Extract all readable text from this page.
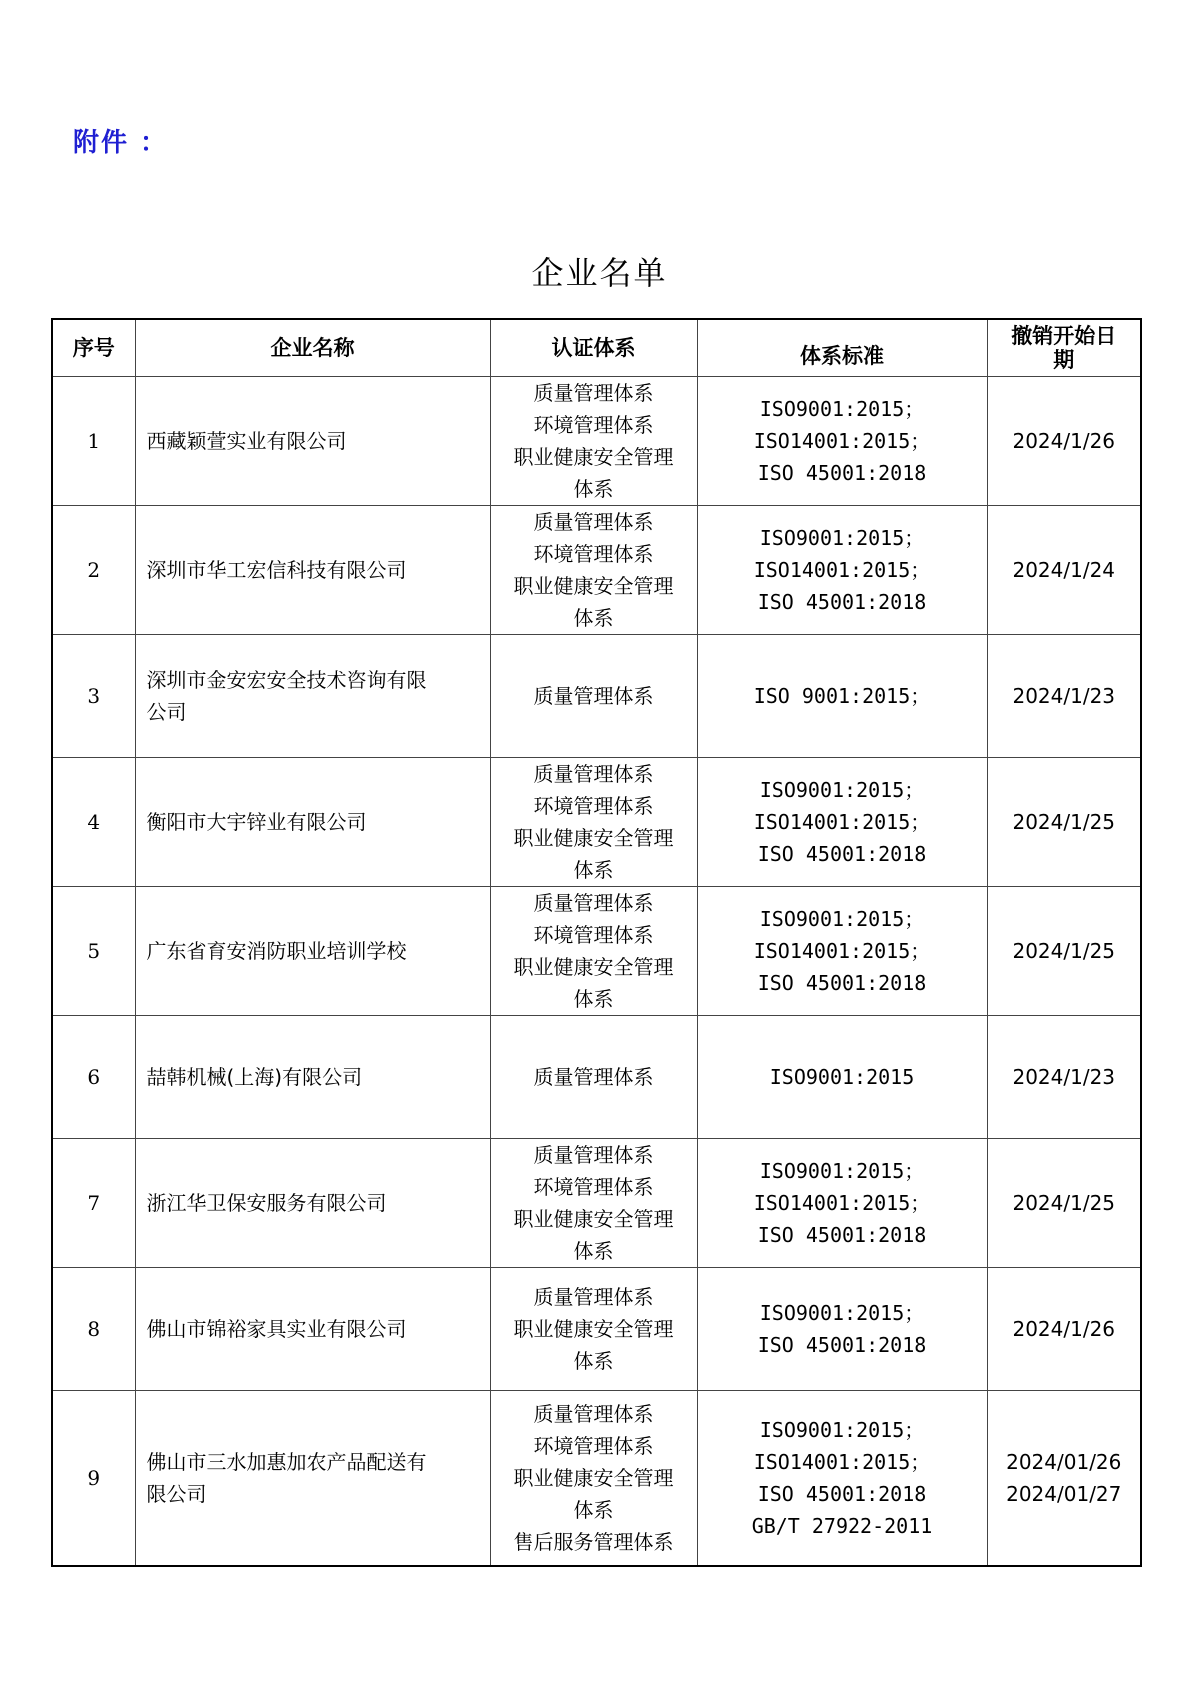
附件 ：
企业名单
序号	企业名称	认证体系	体系标准	撤销开始日
期

1	西藏颖萱实业有限公司	质量管理体系
环境管理体系
职业健康安全管理
体系	ISO9001:2015；
ISO14001:2015；
ISO 45001:2018	2024/1/26

2	深圳市华工宏信科技有限公司	质量管理体系
环境管理体系
职业健康安全管理
体系	ISO9001:2015；
ISO14001:2015；
ISO 45001:2018	2024/1/24

3	深圳市金安宏安全技术咨询有限
公司	质量管理体系	ISO 9001:2015；	2024/1/23

4	衡阳市大宇锌业有限公司	质量管理体系
环境管理体系
职业健康安全管理
体系	ISO9001:2015；
ISO14001:2015；
ISO 45001:2018	2024/1/25

5	广东省育安消防职业培训学校	质量管理体系
环境管理体系
职业健康安全管理
体系	ISO9001:2015；
ISO14001:2015；
ISO 45001:2018	2024/1/25

6	喆韩机械(上海)有限公司	质量管理体系	ISO9001:2015	2024/1/23

7	浙江华卫保安服务有限公司	质量管理体系
环境管理体系
职业健康安全管理
体系	ISO9001:2015；
ISO14001:2015；
ISO 45001:2018	2024/1/25

8	佛山市锦裕家具实业有限公司	质量管理体系
职业健康安全管理
体系	ISO9001:2015；
ISO 45001:2018	2024/1/26

9	佛山市三水加惠加农产品配送有
限公司	质量管理体系
环境管理体系
职业健康安全管理
体系
售后服务管理体系	ISO9001:2015；
ISO14001:2015；
ISO 45001:2018
GB/T 27922-2011	2024/01/26
2024/01/27
